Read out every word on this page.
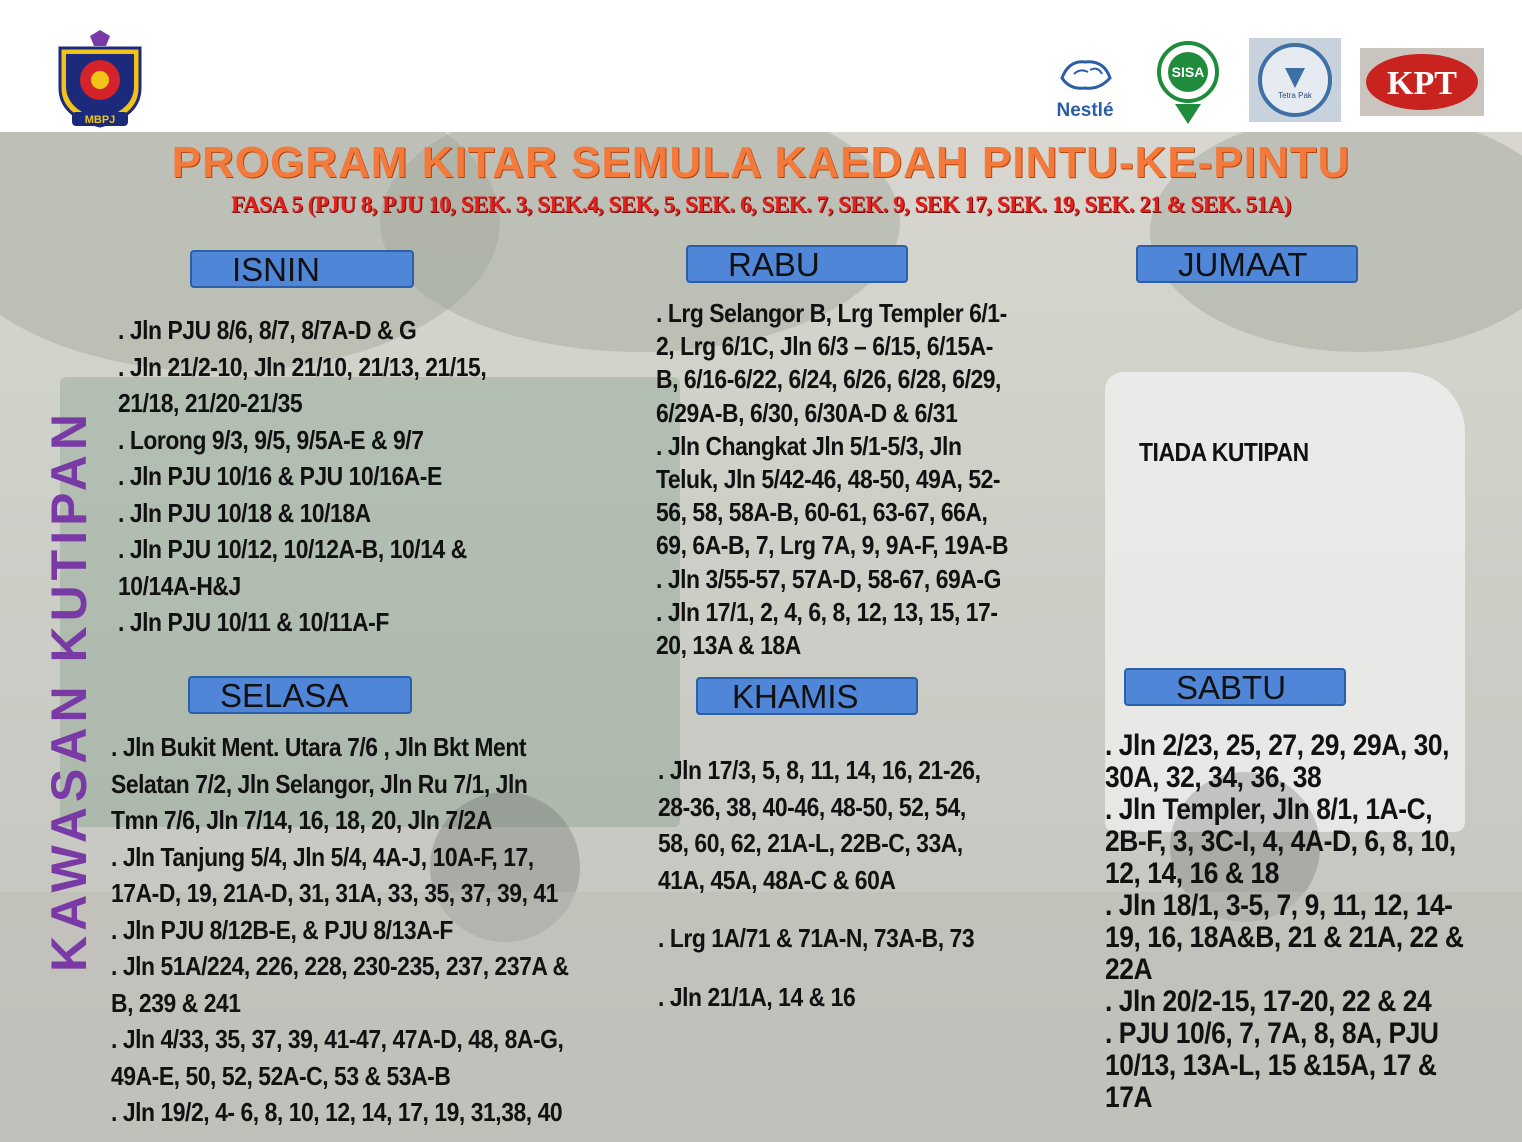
MBPJ	Nestlé
SISA
Tetra Pak KPT
PROGRAM KITAR SEMULA KAEDAH PINTU-KE-PINTU
FASA 5 (PJU 8, PJU 10, SEK. 3, SEK.4, SEK, 5, SEK. 6, SEK. 7, SEK. 9, SEK 17, SEK. 19, SEK. 21 & SEK. 51A)
KAWASAN KUTIPAN
ISNIN
. Jln PJU 8/6, 8/7, 8/7A-D & G
. Jln 21/2-10, Jln 21/10, 21/13, 21/15,
21/18, 21/20-21/35
. Lorong 9/3, 9/5, 9/5A-E & 9/7
. Jln PJU 10/16 & PJU 10/16A-E
. Jln PJU 10/18 & 10/18A
. Jln PJU 10/12, 10/12A-B, 10/14 &
10/14A-H&J
. Jln PJU 10/11 & 10/11A-F
SELASA
. Jln Bukit Ment. Utara 7/6 , Jln Bkt Ment
Selatan 7/2, Jln Selangor, Jln Ru 7/1, Jln
Tmn 7/6, Jln 7/14, 16, 18, 20, Jln 7/2A
. Jln Tanjung 5/4, Jln 5/4, 4A-J, 10A-F, 17,
17A-D, 19, 21A-D, 31, 31A, 33, 35, 37, 39, 41
. Jln PJU 8/12B-E, & PJU 8/13A-F
. Jln 51A/224, 226, 228, 230-235, 237, 237A &
B, 239 & 241
. Jln 4/33, 35, 37, 39, 41-47, 47A-D, 48, 8A-G,
49A-E, 50, 52, 52A-C, 53 & 53A-B
. Jln 19/2, 4- 6, 8, 10, 12, 14, 17, 19, 31,38, 40
RABU
. Lrg Selangor B, Lrg Templer 6/1-
2, Lrg 6/1C, Jln 6/3 – 6/15, 6/15A-
B, 6/16-6/22, 6/24, 6/26, 6/28, 6/29,
6/29A-B, 6/30, 6/30A-D & 6/31
. Jln Changkat Jln 5/1-5/3, Jln
Teluk, Jln 5/42-46, 48-50, 49A, 52-
56, 58, 58A-B, 60-61, 63-67, 66A,
69, 6A-B, 7, Lrg 7A, 9, 9A-F, 19A-B
. Jln 3/55-57, 57A-D, 58-67, 69A-G
. Jln 17/1, 2, 4, 6, 8, 12, 13, 15, 17-
20, 13A & 18A
KHAMIS
. Jln 17/3, 5, 8, 11, 14, 16, 21-26,
28-36, 38, 40-46, 48-50, 52, 54,
58, 60, 62, 21A-L, 22B-C, 33A,
41A, 45A, 48A-C & 60A
. Lrg 1A/71 & 71A-N, 73A-B, 73
. Jln 21/1A, 14 & 16
JUMAAT
TIADA KUTIPAN
SABTU
. Jln 2/23, 25, 27, 29, 29A, 30,
30A, 32, 34, 36, 38
. Jln Templer, Jln 8/1, 1A-C,
2B-F, 3, 3C-I, 4, 4A-D, 6, 8, 10,
12, 14, 16 & 18
. Jln 18/1, 3-5, 7, 9, 11, 12, 14-
19, 16, 18A&B, 21 & 21A, 22 &
22A
. Jln 20/2-15, 17-20, 22 & 24
. PJU 10/6, 7, 7A, 8, 8A, PJU
10/13, 13A-L, 15 &15A, 17 &
17A
